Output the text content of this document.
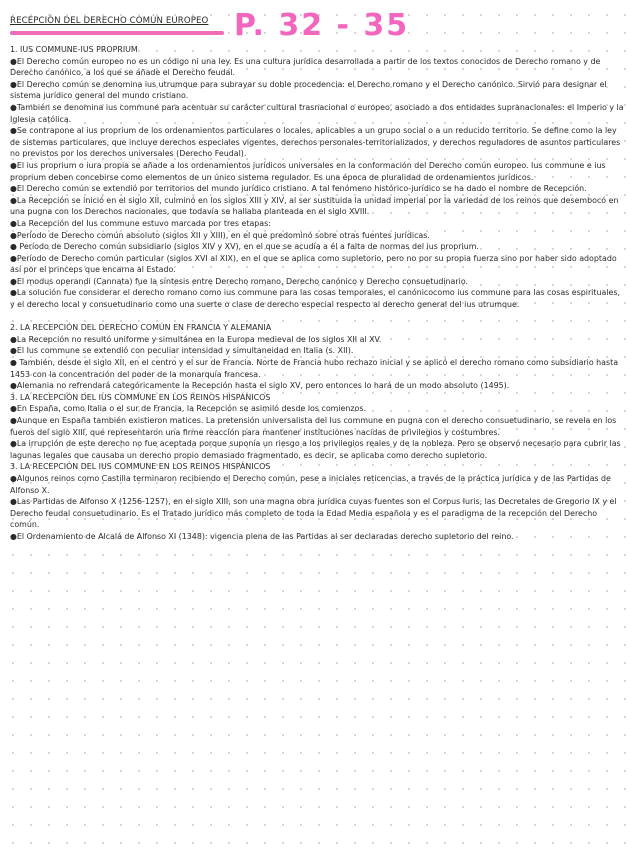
RECEPCIÓN DEL DERECHO COMÚN EUROPEO P. 32 - 35

1. IUS COMMUNE-IUS PROPRIUM

●El Derecho común europeo no es un código ni una ley. Es una cultura jurídica desarrollada a partir de los textos conocidos de Derecho romano y de Derecho canónico, a los que se añade el Derecho feudal.

●El Derecho común se denomina ius utrumque para subrayar su doble procedencia: el Derecho romano y el Derecho canónico. Sirvió para designar el sistema jurídico general del mundo cristiano.

●También se denomina ius commune para acentuar su carácter cultural trasnacional o europeo, asociado a dos entidades supranacionales: el Imperio y la Iglesia católica.

●Se contrapone al ius proprium de los ordenamientos particulares o locales, aplicables a un grupo social o a un reducido territorio. Se define como la ley de sistemas particulares, que incluye derechos especiales vigentes, derechos personales-territorializados, y derechos reguladores de asuntos particulares no previstos por los derechos universales (Derecho Feudal).

●El ius proprium o iura propia se añade a los ordenamientos jurídicos universales en la conformación del Derecho común europeo. Ius commune e ius proprium deben concebirse como elementos de un único sistema regulador. Es una época de pluralidad de ordenamientos jurídicos.

●El Derecho común se extendió por territorios del mundo jurídico cristiano. A tal fenómeno histórico-jurídico se ha dado el nombre de Recepción.

●La Recepción se inició en el siglo XII, culminó en los siglos XIII y XIV, al ser sustituida la unidad imperial por la variedad de los reinos que desembocó en una pugna con los Derechos nacionales, que todavía se hallaba planteada en el siglo XVIII.

●La Recepción del Ius commune estuvo marcada por tres etapas:

●Período de Derecho común absoluto (siglos XII y XIII), en el que predominó sobre otras fuentes jurídicas.

● Período de Derecho común subsidiario (siglos XIV y XV), en el que se acudía a él a falta de normas del ius proprium.

●Período de Derecho común particular (siglos XVI al XIX), en el que se aplica como supletorio, pero no por su propia fuerza sino por haber sido adoptado así por el princeps que encarna al Estado.

●El modus operandi (Cannata) fue la síntesis entre Derecho romano, Derecho canónico y Derecho consuetudinario.

●La solución fue considerar el derecho romano como ius commune para las cosas temporales, el canónicocomo ius commune para las cosas espirituales, y el derecho local y consuetudinario como una suerte o clase de derecho especial respecto al derecho general del ius utrumque.

2. LA RECEPCIÓN DEL DERECHO COMÚN EN FRANCIA Y ALEMANIA

●La Recepción no resultó uniforme y simultánea en la Europa medieval de los siglos XII al XV.

●El Ius commune se extendió con peculiar intensidad y simultaneidad en Italia (s. XII).

● También, desde el siglo XII, en el centro y el sur de Francia. Norte de Francia hubo rechazo inicial y se aplicó el derecho romano como subsidiario hasta 1453 con la concentración del poder de la monarquía francesa.

●Alemania no refrendará categóricamente la Recepción hasta el siglo XV, pero entonces lo hará de un modo absoluto (1495).

3. LA RECEPCIÓN DEL IUS COMMUNE EN LOS REINOS HISPÁNICOS

●En España, como Italia o el sur de Francia, la Recepción se asimiló desde los comienzos.

●Aunque en España también existieron matices. La pretensión universalista del Ius commune en pugna con el derecho consuetudinario, se revela en los fueros del siglo XIII, que representaron una firme reacción para mantener instituciones nacidas de privilegios y costumbres.

●La irrupción de este derecho no fue aceptada porque suponía un riesgo a los privilegios reales y de la nobleza. Pero se observó necesario para cubrir las lagunas legales que causaba un derecho propio demasiado fragmentado, es decir, se aplicaba como derecho supletorio.

3. LA RECEPCIÓN DEL IUS COMMUNE EN LOS REINOS HISPÁNICOS

●Algunos reinos como Castilla terminaron recibiendo el Derecho común, pese a iniciales reticencias, a través de la práctica jurídica y de las Partidas de Alfonso X.

●Las Partidas de Alfonso X (1256-1257), en el siglo XIII, son una magna obra jurídica cuyas fuentes son el Corpus Iuris, las Decretales de Gregorio IX y el Derecho feudal consuetudinario. Es el Tratado jurídico más completo de toda la Edad Media española y es el paradigma de la recepción del Derecho común.

●El Ordenamiento de Alcalá de Alfonso XI (1348): vigencia plena de las Partidas al ser declaradas derecho supletorio del reino.
